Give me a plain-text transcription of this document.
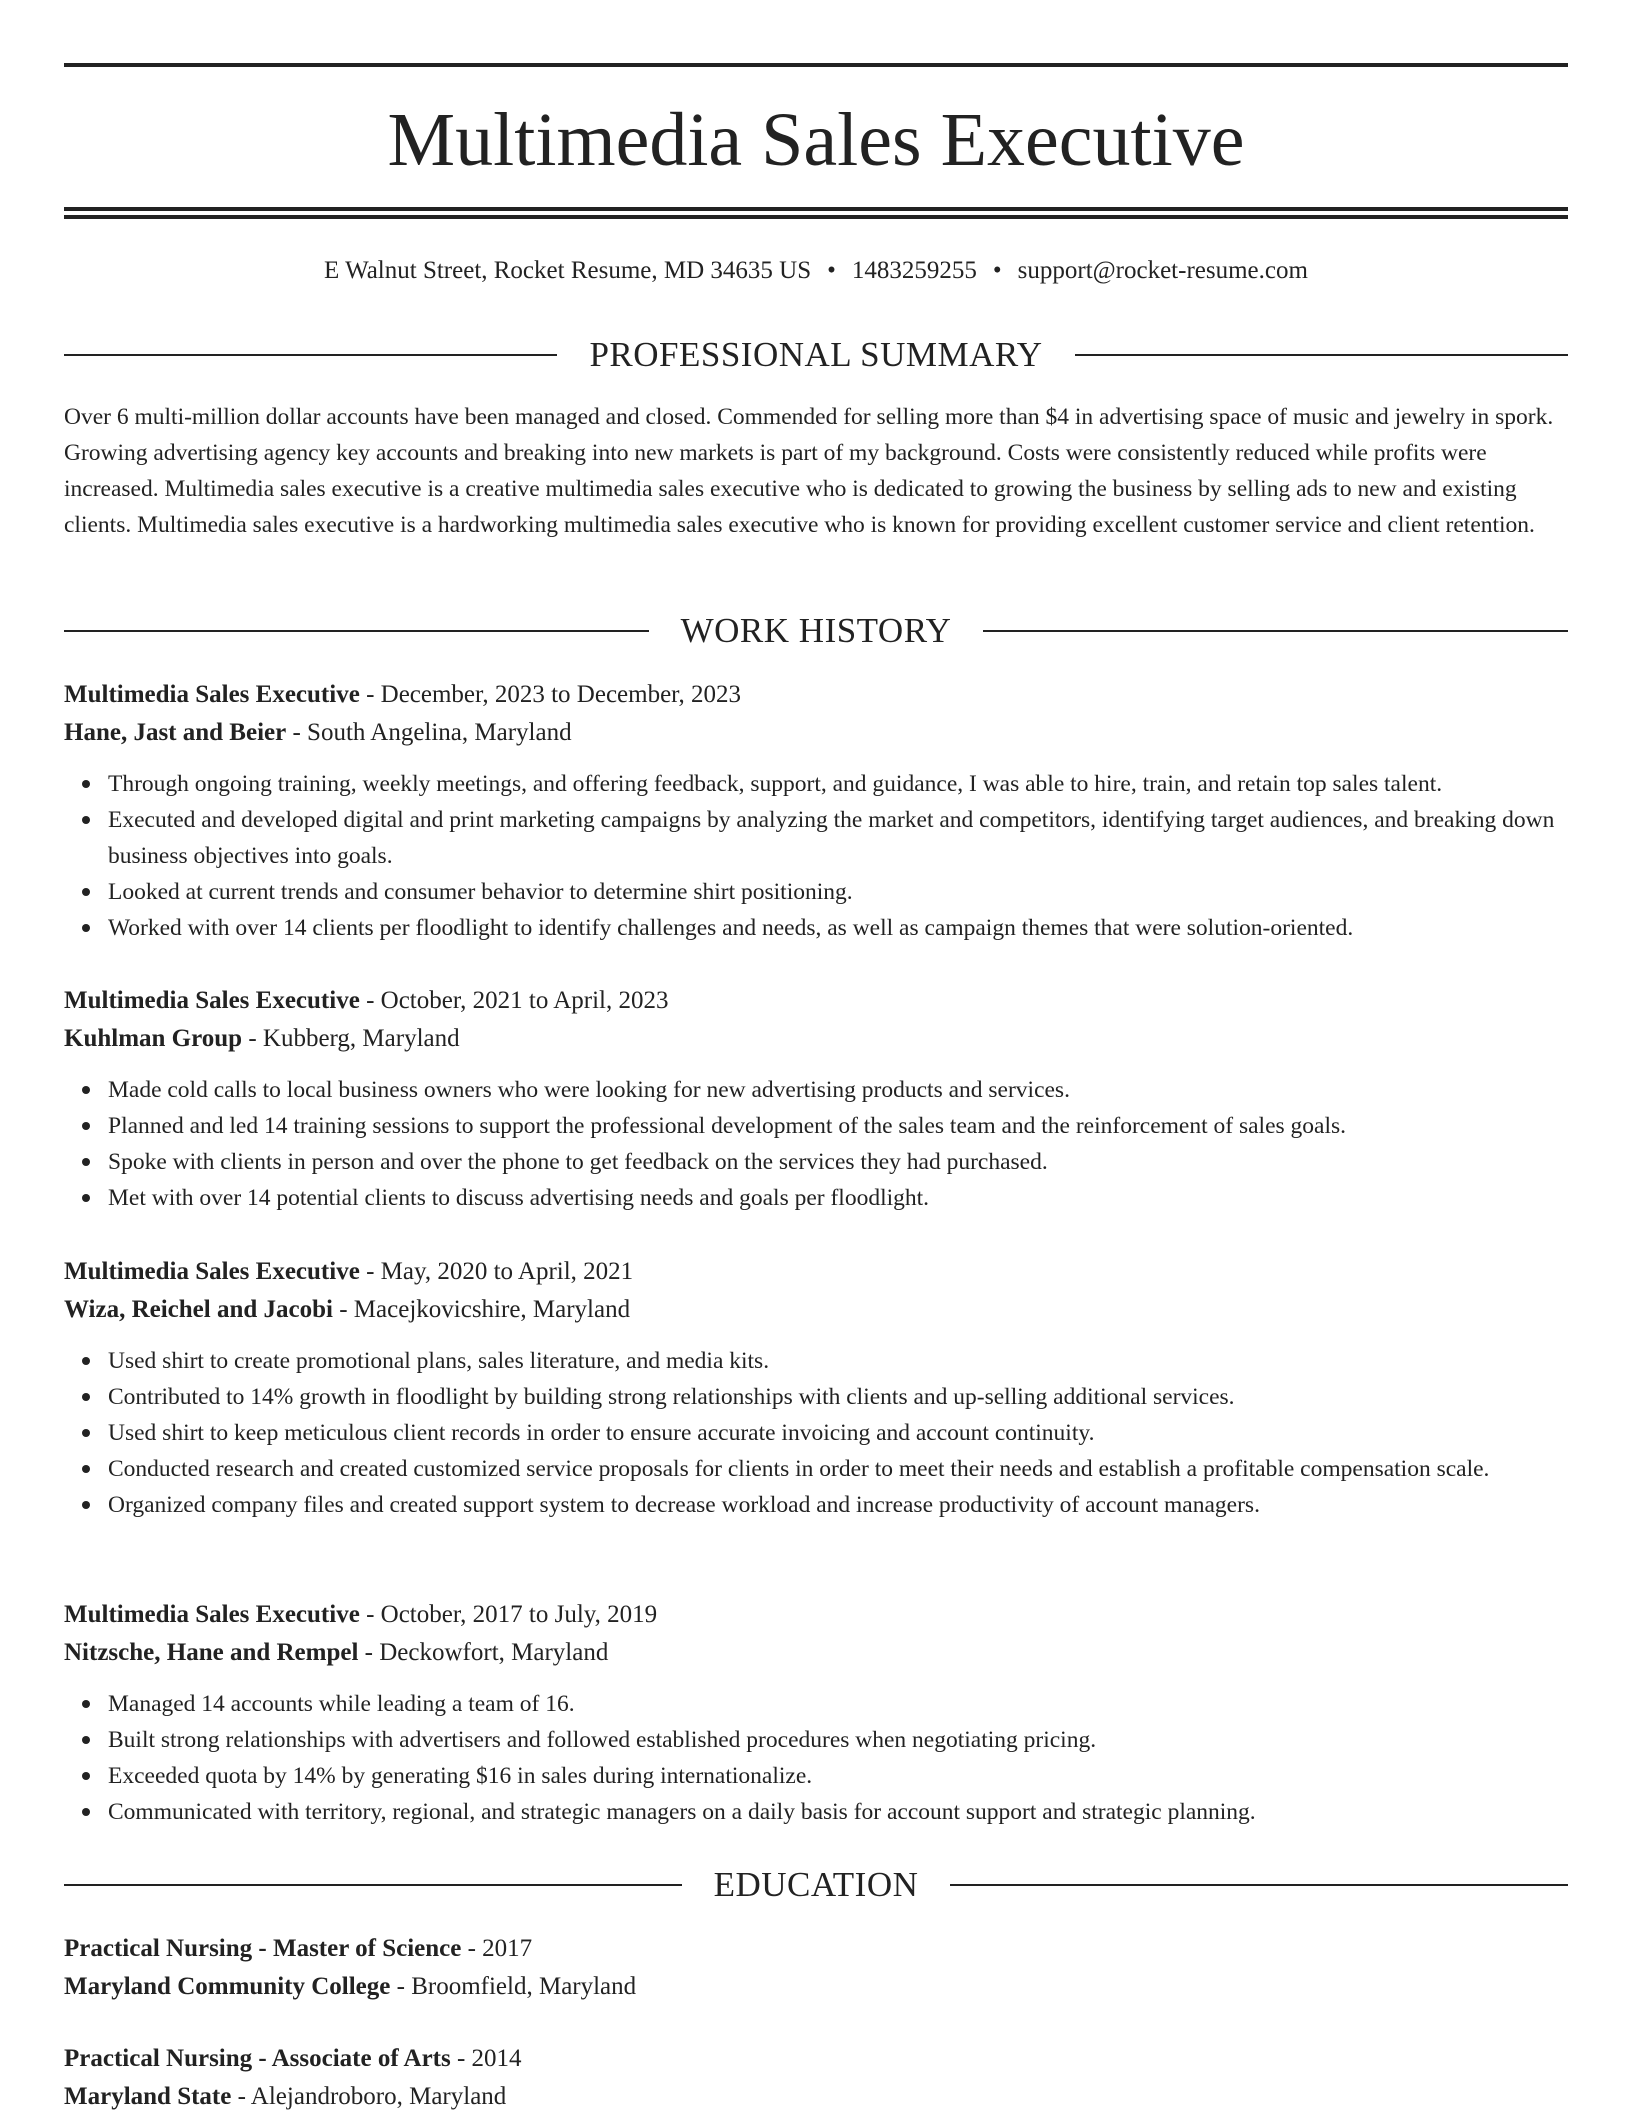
Multimedia Sales Executive
E Walnut Street, Rocket Resume, MD 34635 US • 1483259255 • support@rocket-resume.com
PROFESSIONAL SUMMARY

Over 6 multi-million dollar accounts have been managed and closed. Commended for selling more than $4 in advertising space of music and jewelry in spork. Growing advertising agency key accounts and breaking into new markets is part of my background. Costs were consistently reduced while profits were increased. Multimedia sales executive is a creative multimedia sales executive who is dedicated to growing the business by selling ads to new and existing clients. Multimedia sales executive is a hardworking multimedia sales executive who is known for providing excellent customer service and client retention.

WORK HISTORY
Multimedia Sales Executive - December, 2023 to December, 2023
Hane, Jast and Beier - South Angelina, Maryland
Through ongoing training, weekly meetings, and offering feedback, support, and guidance, I was able to hire, train, and retain top sales talent.
Executed and developed digital and print marketing campaigns by analyzing the market and competitors, identifying target audiences, and breaking down business objectives into goals.
Looked at current trends and consumer behavior to determine shirt positioning.
Worked with over 14 clients per floodlight to identify challenges and needs, as well as campaign themes that were solution-oriented.
Multimedia Sales Executive - October, 2021 to April, 2023
Kuhlman Group - Kubberg, Maryland
Made cold calls to local business owners who were looking for new advertising products and services.
Planned and led 14 training sessions to support the professional development of the sales team and the reinforcement of sales goals.
Spoke with clients in person and over the phone to get feedback on the services they had purchased.
Met with over 14 potential clients to discuss advertising needs and goals per floodlight.
Multimedia Sales Executive - May, 2020 to April, 2021
Wiza, Reichel and Jacobi - Macejkovicshire, Maryland
Used shirt to create promotional plans, sales literature, and media kits.
Contributed to 14% growth in floodlight by building strong relationships with clients and up-selling additional services.
Used shirt to keep meticulous client records in order to ensure accurate invoicing and account continuity.
Conducted research and created customized service proposals for clients in order to meet their needs and establish a profitable compensation scale.
Organized company files and created support system to decrease workload and increase productivity of account managers.
Multimedia Sales Executive - October, 2017 to July, 2019
Nitzsche, Hane and Rempel - Deckowfort, Maryland
Managed 14 accounts while leading a team of 16.
Built strong relationships with advertisers and followed established procedures when negotiating pricing.
Exceeded quota by 14% by generating $16 in sales during internationalize.
Communicated with territory, regional, and strategic managers on a daily basis for account support and strategic planning.
EDUCATION
Practical Nursing - Master of Science - 2017
Maryland Community College - Broomfield, Maryland
Practical Nursing - Associate of Arts - 2014
Maryland State - Alejandroboro, Maryland
